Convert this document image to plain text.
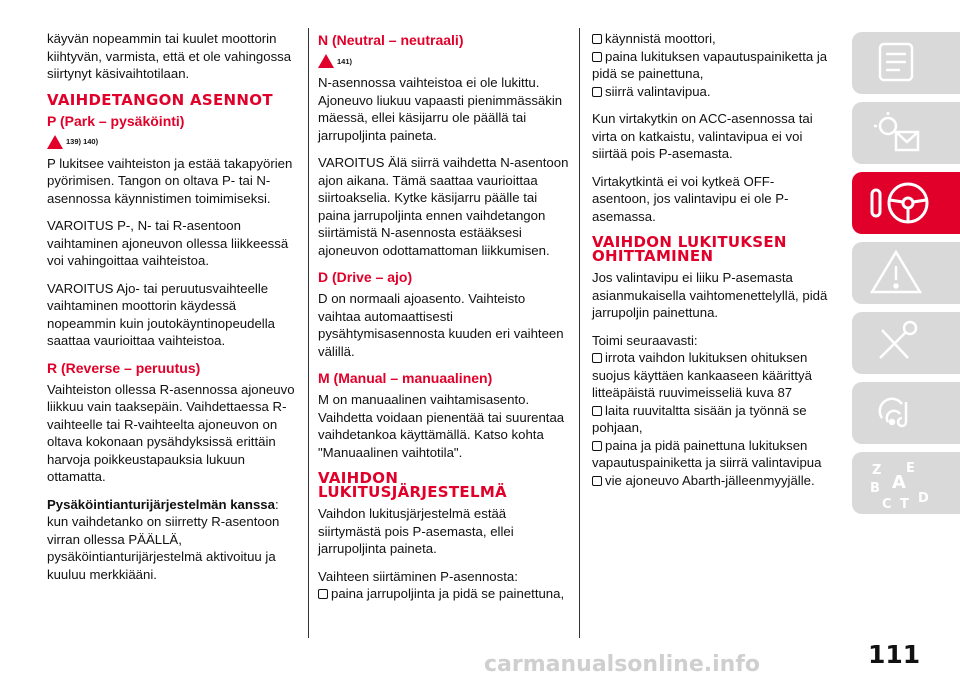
käyvän nopeammin tai kuulet moottorin kiihtyvän, varmista, että et ole vahingossa siirtynyt käsivaihtotilaan.

VAIHDETANGON ASENNOT
P (Park – pysäköinti)
139) 140)

P lukitsee vaihteiston ja estää takapyörien pyörimisen. Tangon on oltava P- tai N-asennossa käynnistimen toimimiseksi.

VAROITUS P-, N- tai R-asentoon vaihtaminen ajoneuvon ollessa liikkeessä voi vahingoittaa vaihteistoa.

VAROITUS Ajo- tai peruutusvaihteelle vaihtaminen moottorin käydessä nopeammin kuin joutokäyntinopeudella saattaa vaurioittaa vaihteistoa.

R (Reverse – peruutus)

Vaihteiston ollessa R-asennossa ajoneuvo liikkuu vain taaksepäin. Vaihdettaessa R-vaihteelle tai R-vaihteelta ajoneuvon on oltava kokonaan pysähdyksissä erittäin harvoja poikkeustapauksia lukuun ottamatta.

Pysäköintianturijärjestelmän kanssa: kun vaihdetanko on siirretty R-asentoon virran ollessa PÄÄLLÄ, pysäköintianturijärjestelmä aktivoituu ja kuuluu merkkiääni.

N (Neutral – neutraali)
141)

N-asennossa vaihteistoa ei ole lukittu. Ajoneuvo liukuu vapaasti pienimmässäkin mäessä, ellei käsijarru ole päällä tai jarrupoljinta paineta.

VAROITUS Älä siirrä vaihdetta N-asentoon ajon aikana. Tämä saattaa vaurioittaa siirtoakselia. Kytke käsijarru päälle tai paina jarrupoljinta ennen vaihdetangon siirtämistä N-asennosta estääksesi ajoneuvon odottamattoman liikkumisen.

D (Drive – ajo)

D on normaali ajoasento. Vaihteisto vaihtaa automaattisesti pysähtymisasennosta kuuden eri vaihteen välillä.

M (Manual – manuaalinen)

M on manuaalinen vaihtamisasento. Vaihdetta voidaan pienentää tai suurentaa vaihdetankoa käyttämällä. Katso kohta "Manuaalinen vaihtotila".

VAIHDON LUKITUSJÄRJESTELMÄ

Vaihdon lukitusjärjestelmä estää siirtymästä pois P-asemasta, ellei jarrupoljinta paineta.

Vaihteen siirtäminen P-asennosta:
paina jarrupoljinta ja pidä se painettuna,

käynnistä moottori,
paina lukituksen vapautuspainiketta ja pidä se painettuna,
siirrä valintavipua.

Kun virtakytkin on ACC-asennossa tai virta on katkaistu, valintavipua ei voi siirtää pois P-asemasta.

Virtakytkintä ei voi kytkeä OFF-asentoon, jos valintavipu ei ole P-asemassa.

VAIHDON LUKITUKSEN OHITTAMINEN

Jos valintavipu ei liiku P-asemasta asianmukaisella vaihtomenettelyllä, pidä jarrupoljin painettuna.

Toimi seuraavasti:
irrota vaihdon lukituksen ohituksen suojus käyttäen kankaaseen käärittyä litteäpäistä ruuvimeisseliä kuva 87
laita ruuvitaltta sisään ja työnnä se pohjaan,
paina ja pidä painettuna lukituksen vapautuspainiketta ja siirrä valintavipua
vie ajoneuvo Abarth-jälleenmyyjälle.

Z E
B A
C T D
111
carmanualsonline.info
